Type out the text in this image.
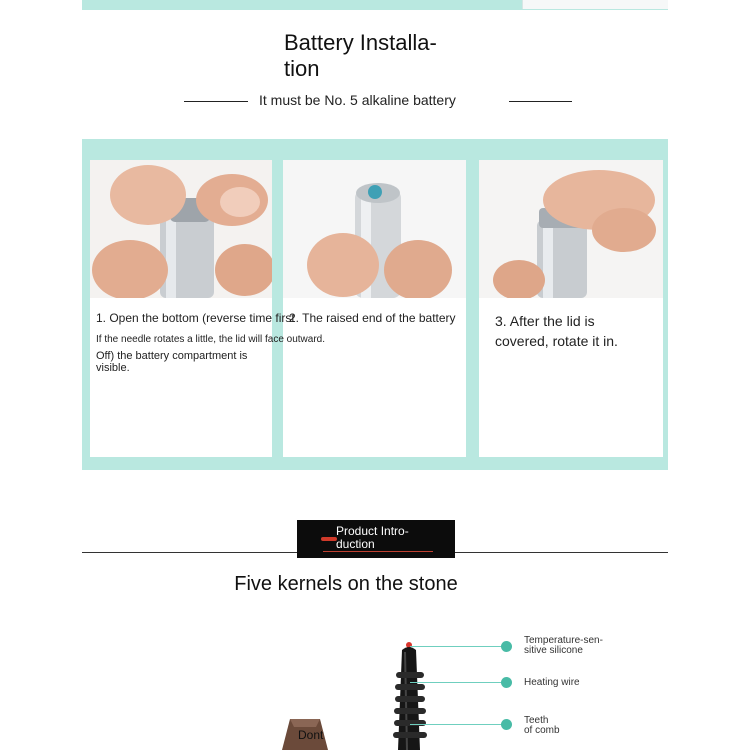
Battery Installa-
tion
It must be No. 5 alkaline battery
1. Open the bottom (reverse time first
If the needle rotates a little, the lid will face outward.
Off) the battery compartment is visible.
2. The raised end of the battery	3. After the lid is covered, rotate it in.
Product Intro-
duction
Five kernels on the stone
Temperature-sen-
sitive silicone
Heating wire
Teeth
of comb
Dont
